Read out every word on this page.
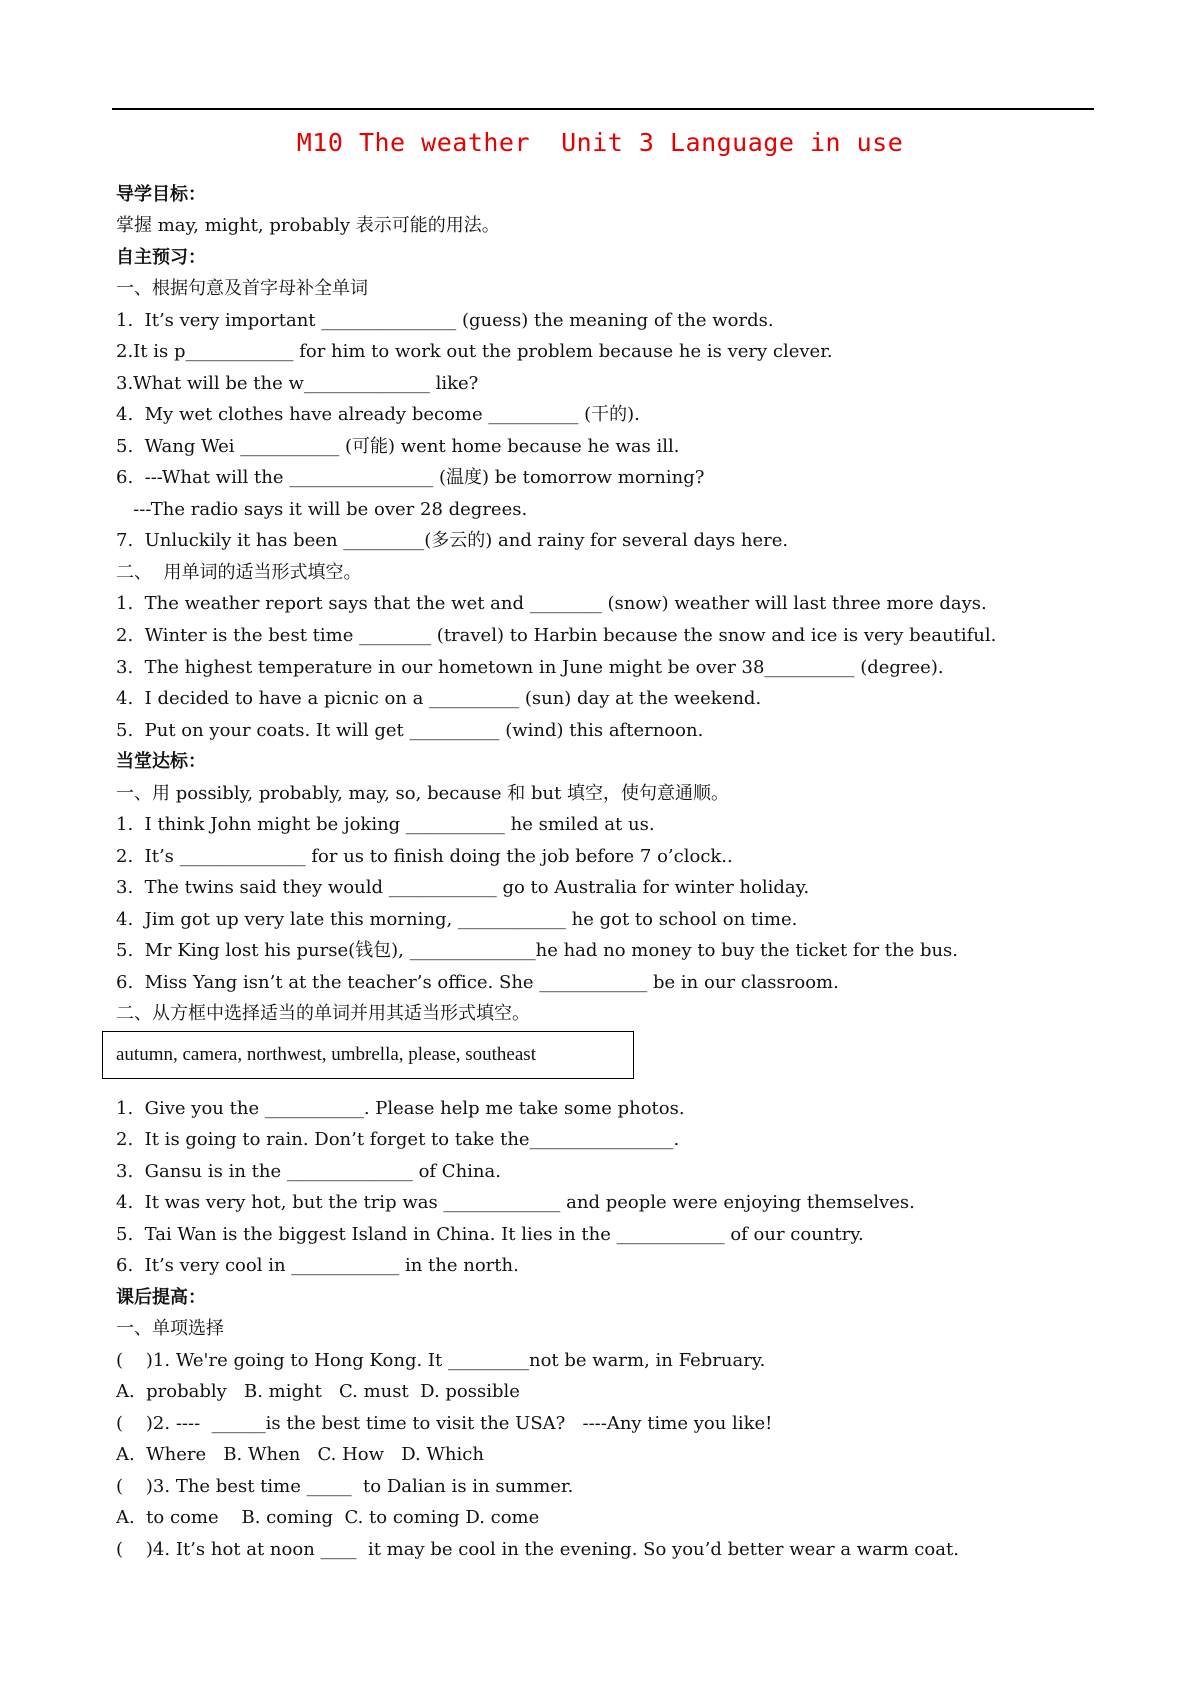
M10 The weather  Unit 3 Language in use
导学目标：
掌握 may, might, probably 表示可能的用法。
自主预习：
一、根据句意及首字母补全单词
1.  It’s very important _______________ (guess) the meaning of the words.
2.It is p____________ for him to work out the problem because he is very clever.
3.What will be the w______________ like?
4.  My wet clothes have already become __________ (干的).
5.  Wang Wei ___________ (可能) went home because he was ill.
6.  ---What will the ________________ (温度) be tomorrow morning?
---The radio says it will be over 28 degrees.
7.  Unluckily it has been _________(多云的) and rainy for several days here.
二、  用单词的适当形式填空。
1.  The weather report says that the wet and ________ (snow) weather will last three more days.
2.  Winter is the best time ________ (travel) to Harbin because the snow and ice is very beautiful.
3.  The highest temperature in our hometown in June might be over 38__________ (degree).
4.  I decided to have a picnic on a __________ (sun) day at the weekend.
5.  Put on your coats. It will get __________ (wind) this afternoon.
当堂达标：
一、用 possibly, probably, may, so, because 和 but 填空，使句意通顺。
1.  I think John might be joking ___________ he smiled at us.
2.  It’s ______________ for us to finish doing the job before 7 o’clock..
3.  The twins said they would ____________ go to Australia for winter holiday.
4.  Jim got up very late this morning, ____________ he got to school on time.
5.  Mr King lost his purse(钱包), ______________he had no money to buy the ticket for the bus.
6.  Miss Yang isn’t at the teacher’s office. She ____________ be in our classroom.
二、从方框中选择适当的单词并用其适当形式填空。
autumn, camera, northwest, umbrella, please, southeast
1.  Give you the ___________. Please help me take some photos.
2.  It is going to rain. Don’t forget to take the________________.
3.  Gansu is in the ______________ of China.
4.  It was very hot, but the trip was _____________ and people were enjoying themselves.
5.  Tai Wan is the biggest Island in China. It lies in the ____________ of our country.
6.  It’s very cool in ____________ in the north.
课后提高：
一、单项选择
(    )1. We're going to Hong Kong. It _________not be warm, in February.
A.  probably   B. might   C. must  D. possible
(    )2. ----  ______is the best time to visit the USA?   ----Any time you like!
A.  Where   B. When   C. How   D. Which
(    )3. The best time _____  to Dalian is in summer.
A.  to come    B. coming  C. to coming D. come
(    )4. It’s hot at noon ____  it may be cool in the evening. So you’d better wear a warm coat.
